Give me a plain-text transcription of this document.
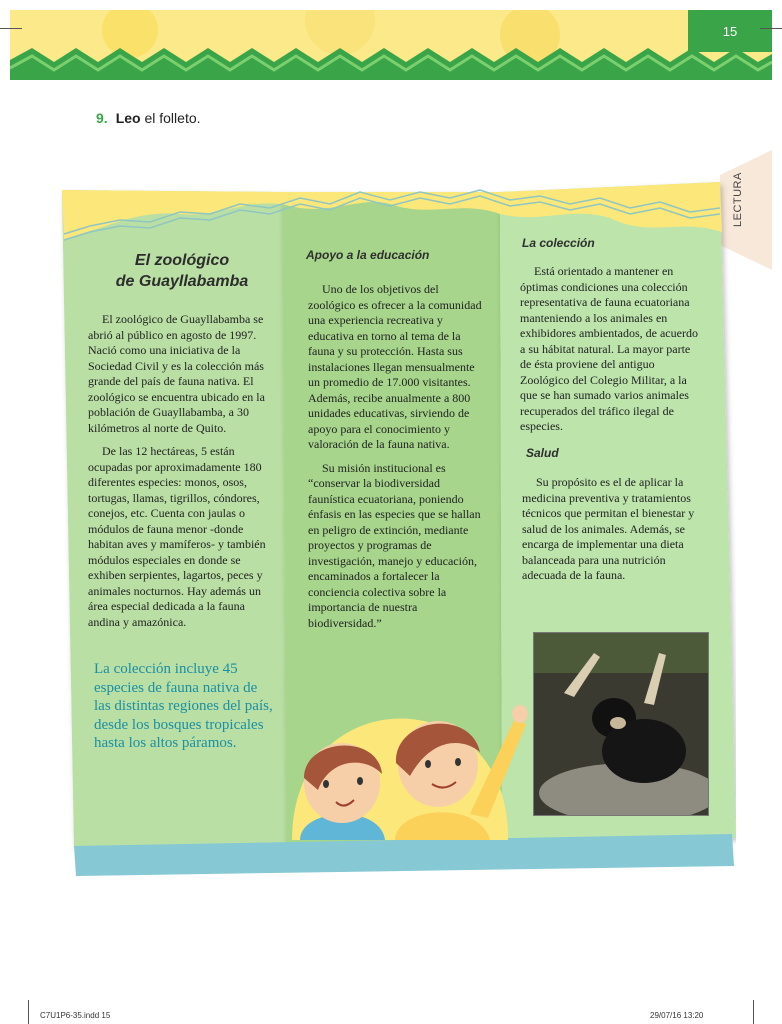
15
9. Leo el folleto.
LECTURA
El zoológico
de Guayllabamba

El zoológico de Guayllabamba se abrió al público en agosto de 1997. Nació como una iniciativa de la Sociedad Civil y es la colección más grande del país de fauna nativa. El zoológico se encuentra ubicado en la población de Guayllabamba, a 30 kilómetros al norte de Quito.

De las 12 hectáreas, 5 están ocupadas por aproximadamente 180 diferentes especies: monos, osos, tortugas, llamas, tigrillos, cóndores, conejos, etc. Cuenta con jaulas o módulos de fauna menor -donde habitan aves y mamíferos- y también módulos especiales en donde se exhiben serpientes, lagartos, peces y animales nocturnos. Hay además un área especial dedicada a la fauna andina y amazónica.

La colección incluye 45 especies de fauna nativa de las distintas regiones del país, desde los bosques tropicales hasta los altos páramos.
Apoyo a la educación

Uno de los objetivos del zoológico es ofrecer a la comunidad una experiencia recreativa y educativa en torno al tema de la fauna y su protección. Hasta sus instalaciones llegan mensualmente un promedio de 17.000 visitantes. Además, recibe anualmente a 800 unidades educativas, sirviendo de apoyo para el conocimiento y valoración de la fauna nativa.

Su misión institucional es “conservar la biodiversidad faunística ecuatoriana, poniendo énfasis en las especies que se hallan en peligro de extinción, mediante proyectos y programas de investigación, manejo y educación, encaminados a fortalecer la conciencia colectiva sobre la importancia de nuestra biodiversidad.”

La colección

Está orientado a mantener en óptimas condiciones una colección representativa de fauna ecuatoriana manteniendo a los animales en exhibidores ambientados, de acuerdo a su hábitat natural. La mayor parte de ésta proviene del antiguo Zoológico del Colegio Militar, a la que se han sumado varios animales recuperados del tráfico ilegal de especies.

Salud

Su propósito es el de aplicar la medicina preventiva y tratamientos técnicos que permitan el bienestar y salud de los animales. Además, se encarga de implementar una dieta balanceada para una nutrición adecuada de la fauna.

C7U1P6-35.indd 15	29/07/16 13:20
